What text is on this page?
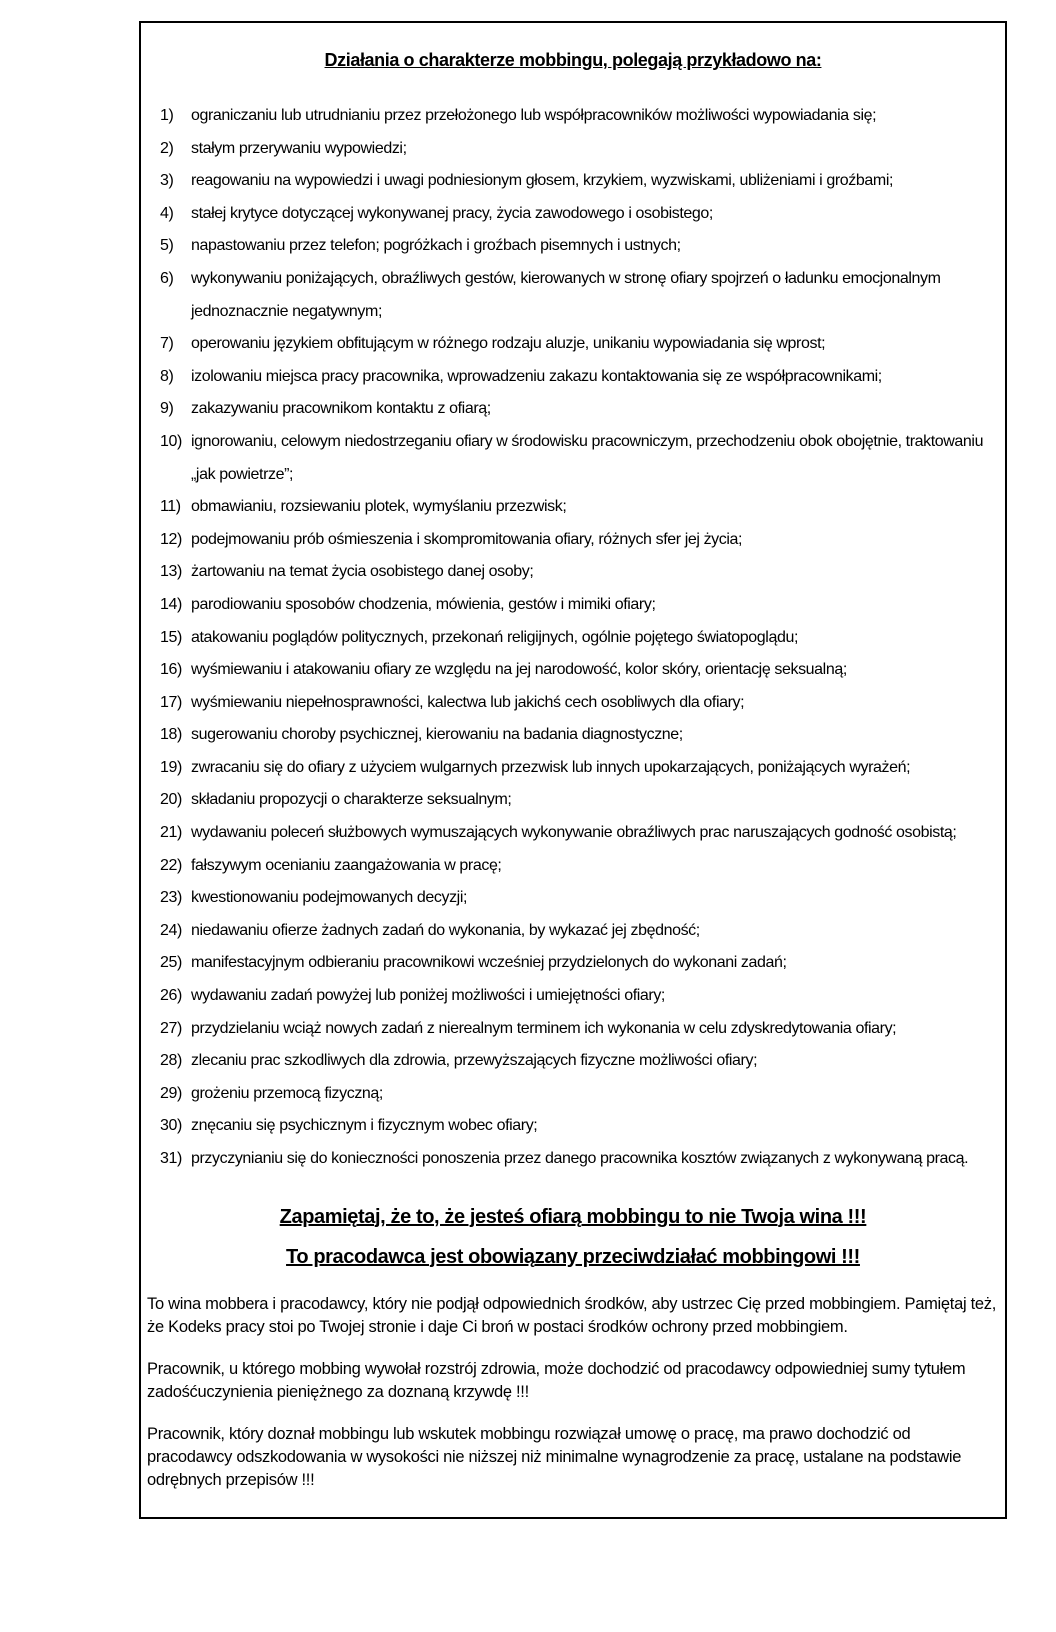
Działania o charakterze mobbingu, polegają przykładowo na:
1) ograniczaniu lub utrudnianiu przez przełożonego lub współpracowników możliwości wypowiadania się;
2) stałym przerywaniu wypowiedzi;
3) reagowaniu na wypowiedzi i uwagi podniesionym głosem, krzykiem, wyzwiskami, ubliżeniami i groźbami;
4) stałej krytyce dotyczącej wykonywanej pracy, życia zawodowego i osobistego;
5) napastowaniu przez telefon; pogróżkach i groźbach pisemnych i ustnych;
6) wykonywaniu poniżających, obraźliwych gestów, kierowanych w stronę ofiary spojrzeń o ładunku emocjonalnym jednoznacznie negatywnym;
7) operowaniu językiem obfitującym w różnego rodzaju aluzje, unikaniu wypowiadania się wprost;
8) izolowaniu miejsca pracy pracownika, wprowadzeniu zakazu kontaktowania się ze współpracownikami;
9) zakazywaniu pracownikom kontaktu z ofiarą;
10) ignorowaniu, celowym niedostrzeganiu ofiary w środowisku pracowniczym, przechodzeniu obok obojętnie, traktowaniu „jak powietrze”;
11) obmawianiu, rozsiewaniu plotek, wymyślaniu przezwisk;
12) podejmowaniu prób ośmieszenia i skompromitowania ofiary, różnych sfer jej życia;
13) żartowaniu na temat życia osobistego danej osoby;
14) parodiowaniu sposobów chodzenia, mówienia, gestów i mimiki ofiary;
15) atakowaniu poglądów politycznych, przekonań religijnych, ogólnie pojętego światopoglądu;
16) wyśmiewaniu i atakowaniu ofiary ze względu na jej narodowość, kolor skóry, orientację seksualną;
17) wyśmiewaniu niepełnosprawności, kalectwa lub jakichś cech osobliwych dla ofiary;
18) sugerowaniu choroby psychicznej, kierowaniu na badania diagnostyczne;
19) zwracaniu się do ofiary z użyciem wulgarnych przezwisk lub innych upokarzających, poniżających wyrażeń;
20) składaniu propozycji o charakterze seksualnym;
21) wydawaniu poleceń służbowych wymuszających wykonywanie obraźliwych prac naruszających godność osobistą;
22) fałszywym ocenianiu zaangażowania w pracę;
23) kwestionowaniu podejmowanych decyzji;
24) niedawaniu ofierze żadnych zadań do wykonania, by wykazać jej zbędność;
25) manifestacyjnym odbieraniu pracownikowi wcześniej przydzielonych do wykonani zadań;
26) wydawaniu zadań powyżej lub poniżej możliwości i umiejętności ofiary;
27) przydzielaniu wciąż nowych zadań z nierealnym terminem ich wykonania w celu zdyskredytowania ofiary;
28) zlecaniu prac szkodliwych dla zdrowia, przewyższających fizyczne możliwości ofiary;
29) grożeniu przemocą fizyczną;
30) znęcaniu się psychicznym i fizycznym wobec ofiary;
31) przyczynianiu się do konieczności ponoszenia przez danego pracownika kosztów związanych z wykonywaną pracą.
Zapamiętaj, że to, że jesteś ofiarą mobbingu to nie Twoja wina !!!
To pracodawca jest obowiązany przeciwdziałać mobbingowi !!!

To wina mobbera i pracodawcy, który nie podjął odpowiednich środków, aby ustrzec Cię przed mobbingiem. Pamiętaj też, że Kodeks pracy stoi po Twojej stronie i daje Ci broń w postaci środków ochrony przed mobbingiem.

Pracownik, u którego mobbing wywołał rozstrój zdrowia, może dochodzić od pracodawcy odpowiedniej sumy tytułem zadośćuczynienia pieniężnego za doznaną krzywdę !!!

Pracownik, który doznał mobbingu lub wskutek mobbingu rozwiązał umowę o pracę, ma prawo dochodzić od pracodawcy odszkodowania w wysokości nie niższej niż minimalne wynagrodzenie za pracę, ustalane na podstawie odrębnych przepisów !!!
